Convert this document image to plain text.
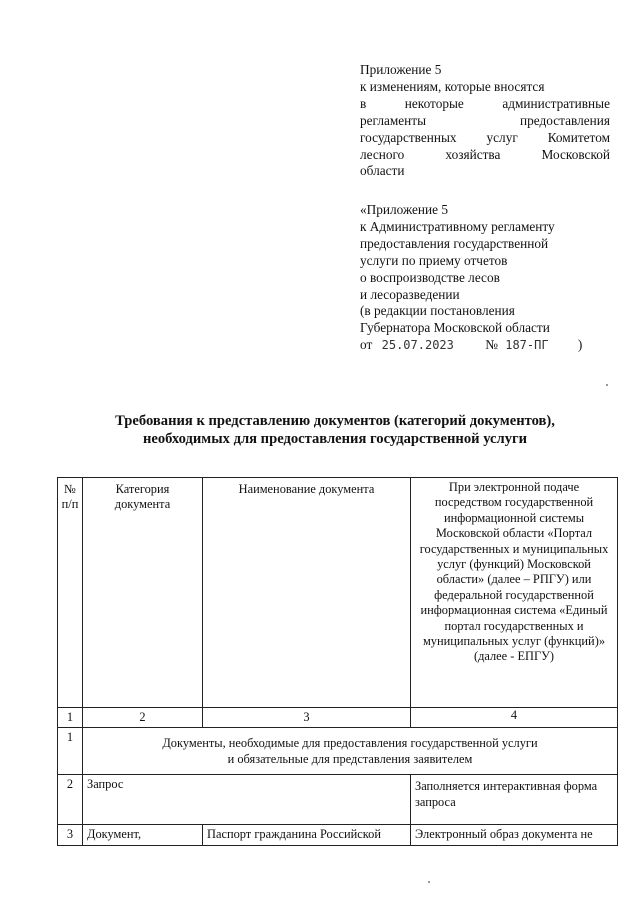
Приложение 5
к изменениям, которые вносятся
в некоторые административные
регламенты предоставления
государственных услуг Комитетом
лесного хозяйства Московской
области
«Приложение 5
к Административному регламенту
предоставления государственной
услуги по приему отчетов
о воспроизводстве лесов
и лесоразведении
(в редакции постановления
Губернатора Московской области
от 25.07.2023 № 187-ПГ )
Требования к представлению документов (категорий документов),
необходимых для предоставления государственной услуги
№ п/п	Категория документа	Наименование документа	При электронной подаче посредством государственной информационной системы Московской области «Портал государственных и муниципальных услуг (функций) Московской области» (далее – РПГУ) или федеральной государственной информационная система «Единый портал государственных и муниципальных услуг (функций)» (далее - ЕПГУ)
1	2	3	4
1	Документы, необходимые для предоставления государственной услуги
и обязательные для представления заявителем		

2	Запрос		Заполняется интерактивная форма запроса
3	Документ,	Паспорт гражданина Российской	Электронный образ документа не
